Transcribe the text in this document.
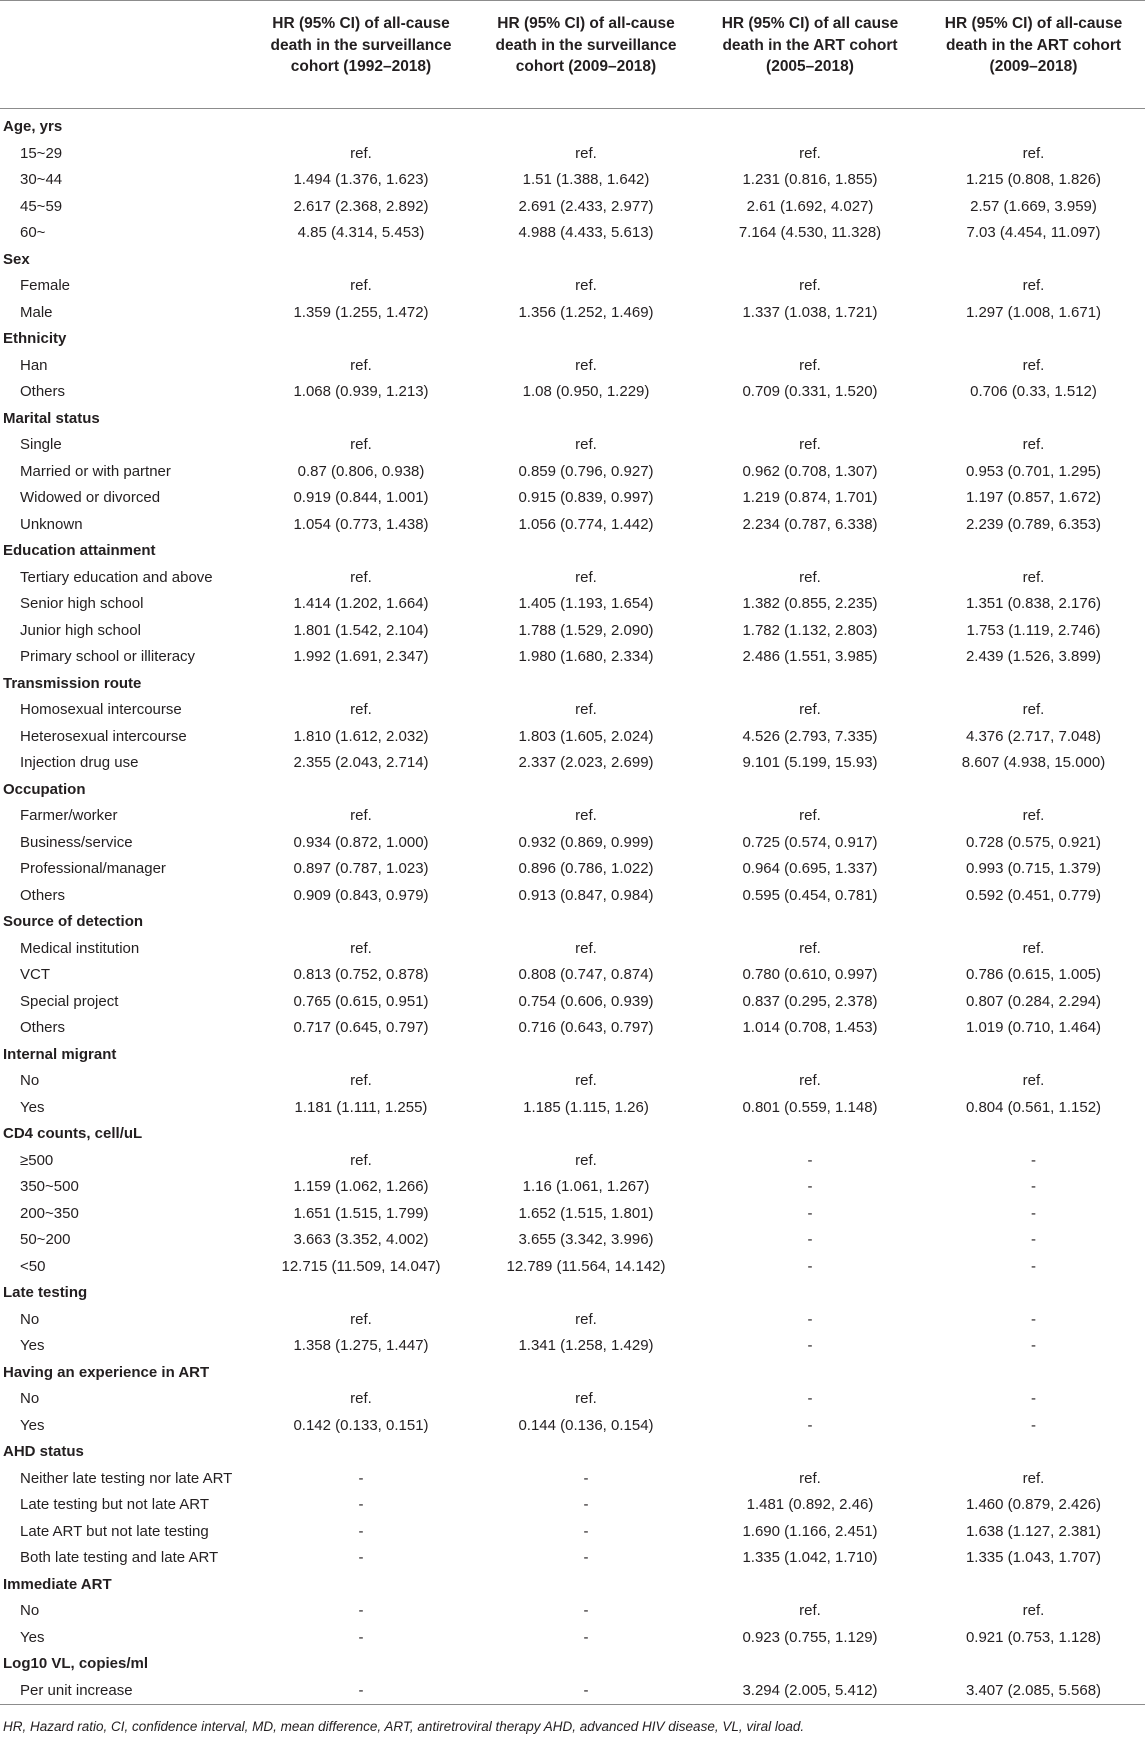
	HR (95% CI) of all-cause death in the surveillance cohort (1992–2018)	HR (95% CI) of all-cause death in the surveillance cohort (2009–2018)	HR (95% CI) of all cause death in the ART cohort (2005–2018)	HR (95% CI) of all-cause death in the ART cohort (2009–2018)
Age, yrs				
15~29	ref.	ref.	ref.	ref.
30~44	1.494 (1.376, 1.623)	1.51 (1.388, 1.642)	1.231 (0.816, 1.855)	1.215 (0.808, 1.826)
45~59	2.617 (2.368, 2.892)	2.691 (2.433, 2.977)	2.61 (1.692, 4.027)	2.57 (1.669, 3.959)
60~	4.85 (4.314, 5.453)	4.988 (4.433, 5.613)	7.164 (4.530, 11.328)	7.03 (4.454, 11.097)
Sex				
Female	ref.	ref.	ref.	ref.
Male	1.359 (1.255, 1.472)	1.356 (1.252, 1.469)	1.337 (1.038, 1.721)	1.297 (1.008, 1.671)
Ethnicity				
Han	ref.	ref.	ref.	ref.
Others	1.068 (0.939, 1.213)	1.08 (0.950, 1.229)	0.709 (0.331, 1.520)	0.706 (0.33, 1.512)
Marital status				
Single	ref.	ref.	ref.	ref.
Married or with partner	0.87 (0.806, 0.938)	0.859 (0.796, 0.927)	0.962 (0.708, 1.307)	0.953 (0.701, 1.295)
Widowed or divorced	0.919 (0.844, 1.001)	0.915 (0.839, 0.997)	1.219 (0.874, 1.701)	1.197 (0.857, 1.672)
Unknown	1.054 (0.773, 1.438)	1.056 (0.774, 1.442)	2.234 (0.787, 6.338)	2.239 (0.789, 6.353)
Education attainment				
Tertiary education and above	ref.	ref.	ref.	ref.
Senior high school	1.414 (1.202, 1.664)	1.405 (1.193, 1.654)	1.382 (0.855, 2.235)	1.351 (0.838, 2.176)
Junior high school	1.801 (1.542, 2.104)	1.788 (1.529, 2.090)	1.782 (1.132, 2.803)	1.753 (1.119, 2.746)
Primary school or illiteracy	1.992 (1.691, 2.347)	1.980 (1.680, 2.334)	2.486 (1.551, 3.985)	2.439 (1.526, 3.899)
Transmission route				
Homosexual intercourse	ref.	ref.	ref.	ref.
Heterosexual intercourse	1.810 (1.612, 2.032)	1.803 (1.605, 2.024)	4.526 (2.793, 7.335)	4.376 (2.717, 7.048)
Injection drug use	2.355 (2.043, 2.714)	2.337 (2.023, 2.699)	9.101 (5.199, 15.93)	8.607 (4.938, 15.000)
Occupation				
Farmer/worker	ref.	ref.	ref.	ref.
Business/service	0.934 (0.872, 1.000)	0.932 (0.869, 0.999)	0.725 (0.574, 0.917)	0.728 (0.575, 0.921)
Professional/manager	0.897 (0.787, 1.023)	0.896 (0.786, 1.022)	0.964 (0.695, 1.337)	0.993 (0.715, 1.379)
Others	0.909 (0.843, 0.979)	0.913 (0.847, 0.984)	0.595 (0.454, 0.781)	0.592 (0.451, 0.779)
Source of detection				
Medical institution	ref.	ref.	ref.	ref.
VCT	0.813 (0.752, 0.878)	0.808 (0.747, 0.874)	0.780 (0.610, 0.997)	0.786 (0.615, 1.005)
Special project	0.765 (0.615, 0.951)	0.754 (0.606, 0.939)	0.837 (0.295, 2.378)	0.807 (0.284, 2.294)
Others	0.717 (0.645, 0.797)	0.716 (0.643, 0.797)	1.014 (0.708, 1.453)	1.019 (0.710, 1.464)
Internal migrant				
No	ref.	ref.	ref.	ref.
Yes	1.181 (1.111, 1.255)	1.185 (1.115, 1.26)	0.801 (0.559, 1.148)	0.804 (0.561, 1.152)
CD4 counts, cell/uL				
≥500	ref.	ref.	-	-
350~500	1.159 (1.062, 1.266)	1.16 (1.061, 1.267)	-	-
200~350	1.651 (1.515, 1.799)	1.652 (1.515, 1.801)	-	-
50~200	3.663 (3.352, 4.002)	3.655 (3.342, 3.996)	-	-
<50	12.715 (11.509, 14.047)	12.789 (11.564, 14.142)	-	-
Late testing				
No	ref.	ref.	-	-
Yes	1.358 (1.275, 1.447)	1.341 (1.258, 1.429)	-	-
Having an experience in ART				
No	ref.	ref.	-	-
Yes	0.142 (0.133, 0.151)	0.144 (0.136, 0.154)	-	-
AHD status				
Neither late testing nor late ART	-	-	ref.	ref.
Late testing but not late ART	-	-	1.481 (0.892, 2.46)	1.460 (0.879, 2.426)
Late ART but not late testing	-	-	1.690 (1.166, 2.451)	1.638 (1.127, 2.381)
Both late testing and late ART	-	-	1.335 (1.042, 1.710)	1.335 (1.043, 1.707)
Immediate ART				
No	-	-	ref.	ref.
Yes	-	-	0.923 (0.755, 1.129)	0.921 (0.753, 1.128)
Log10 VL, copies/ml				
Per unit increase	-	-	3.294 (2.005, 5.412)	3.407 (2.085, 5.568)
HR, Hazard ratio, CI, confidence interval, MD, mean difference, ART, antiretroviral therapy AHD, advanced HIV disease, VL, viral load.
